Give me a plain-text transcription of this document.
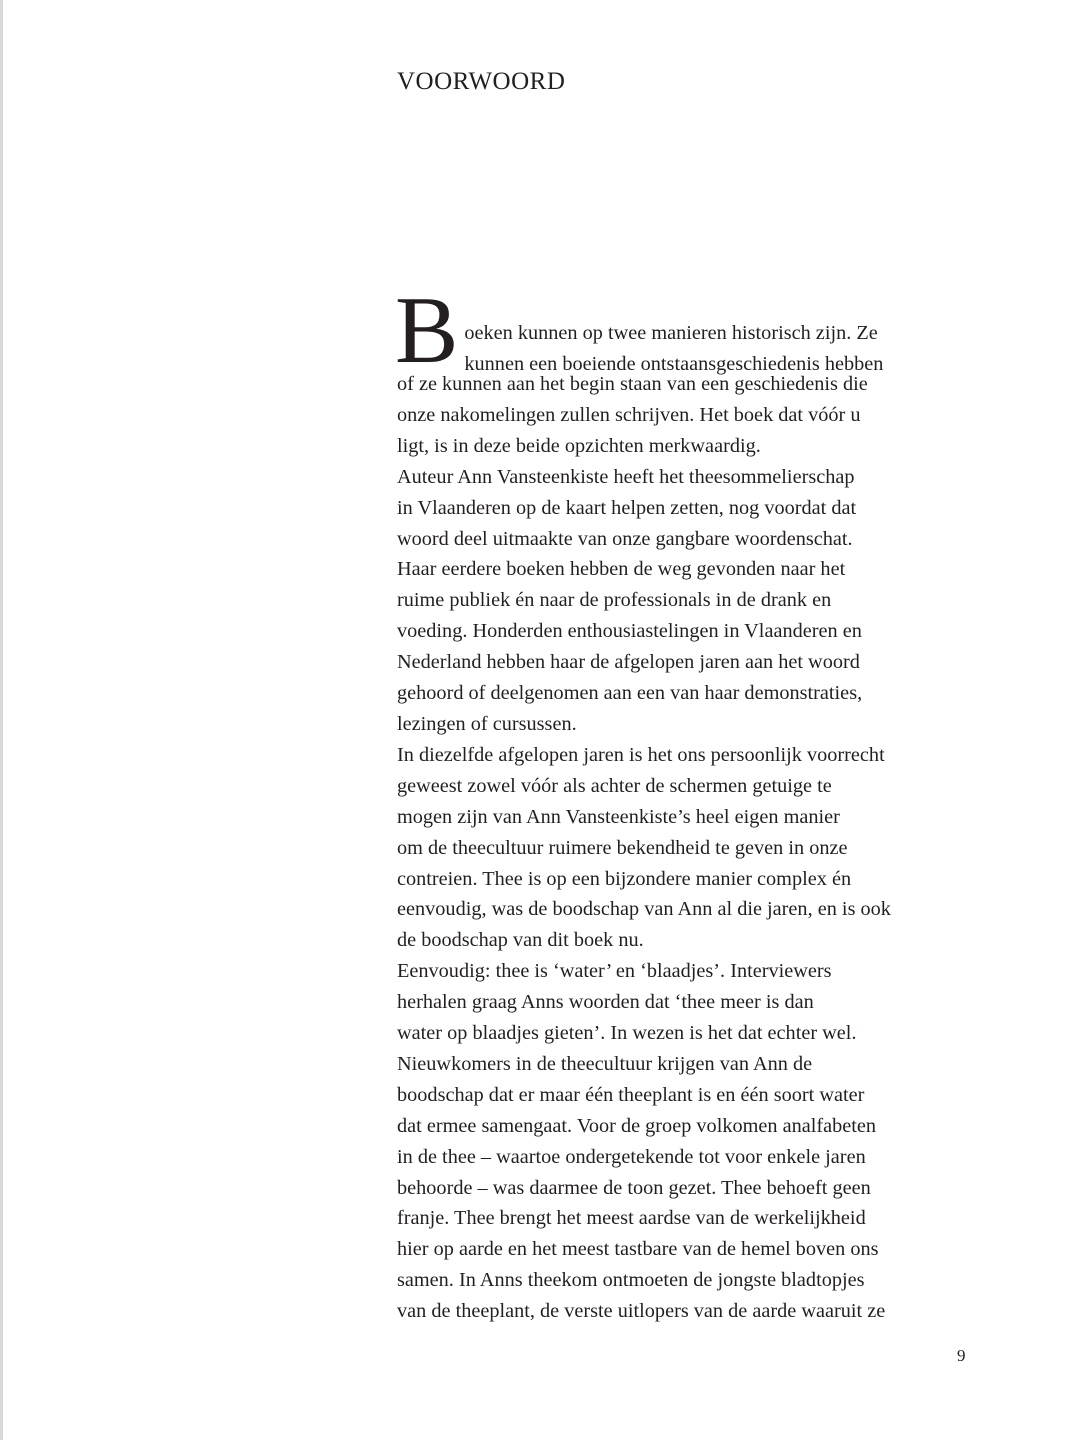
VOORWOORD
B oeken kunnen op twee manieren historisch zijn. Ze
kunnen een boeiende ontstaansgeschiedenis hebben
of ze kunnen aan het begin staan van een geschiedenis die
onze nakomelingen zullen schrijven. Het boek dat vóór u
ligt, is in deze beide opzichten merkwaardig.
Auteur Ann Vansteenkiste heeft het theesommelierschap
in Vlaanderen op de kaart helpen zetten, nog voordat dat
woord deel uitmaakte van onze gangbare woordenschat.
Haar eerdere boeken hebben de weg gevonden naar het
ruime publiek én naar de professionals in de drank en
voeding. Honderden enthousiastelingen in Vlaanderen en
Nederland hebben haar de afgelopen jaren aan het woord
gehoord of deelgenomen aan een van haar demonstraties,
lezingen of cursussen.
In diezelfde afgelopen jaren is het ons persoonlijk voorrecht
geweest zowel vóór als achter de schermen getuige te
mogen zijn van Ann Vansteenkiste’s heel eigen manier
om de theecultuur ruimere bekendheid te geven in onze
contreien. Thee is op een bijzondere manier complex én
eenvoudig, was de boodschap van Ann al die jaren, en is ook
de boodschap van dit boek nu.
Eenvoudig: thee is ‘water’ en ‘blaadjes’. Interviewers
herhalen graag Anns woorden dat ‘thee meer is dan
water op blaadjes gieten’. In wezen is het dat echter wel.
Nieuwkomers in de theecultuur krijgen van Ann de
boodschap dat er maar één theeplant is en één soort water
dat ermee samengaat. Voor de groep volkomen analfabeten
in de thee – waartoe ondergetekende tot voor enkele jaren
behoorde – was daarmee de toon gezet. Thee behoeft geen
franje. Thee brengt het meest aardse van de werkelijkheid
hier op aarde en het meest tastbare van de hemel boven ons
samen. In Anns theekom ontmoeten de jongste bladtopjes
van de theeplant, de verste uitlopers van de aarde waaruit ze

9
